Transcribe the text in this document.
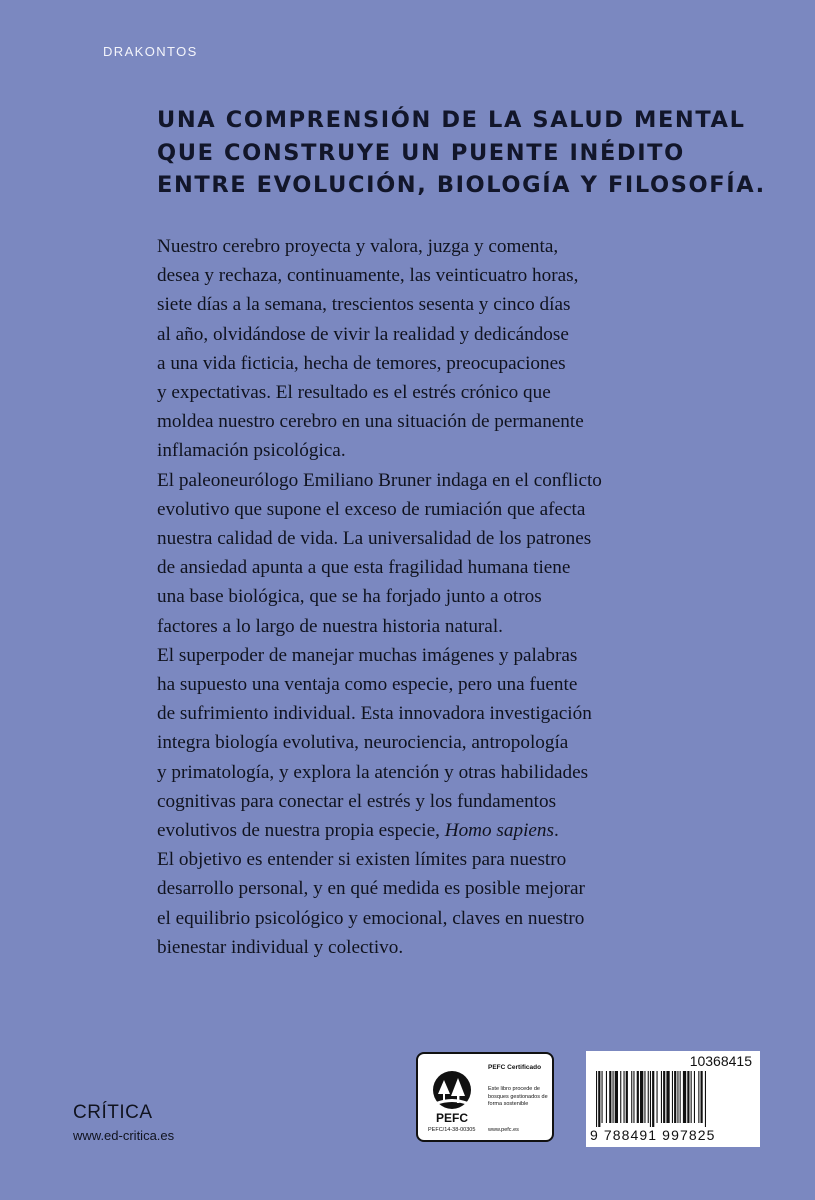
DRAKONTOS
UNA COMPRENSIÓN DE LA SALUD MENTAL
QUE CONSTRUYE UN PUENTE INÉDITO
ENTRE EVOLUCIÓN, BIOLOGÍA Y FILOSOFÍA.
Nuestro cerebro proyecta y valora, juzga y comenta,
desea y rechaza, continuamente, las veinticuatro horas,
siete días a la semana, trescientos sesenta y cinco días
al año, olvidándose de vivir la realidad y dedicándose
a una vida ficticia, hecha de temores, preocupaciones
y expectativas. El resultado es el estrés crónico que
moldea nuestro cerebro en una situación de permanente
inflamación psicológica.
El paleoneurólogo Emiliano Bruner indaga en el conflicto
evolutivo que supone el exceso de rumiación que afecta
nuestra calidad de vida. La universalidad de los patrones
de ansiedad apunta a que esta fragilidad humana tiene
una base biológica, que se ha forjado junto a otros
factores a lo largo de nuestra historia natural.
El superpoder de manejar muchas imágenes y palabras
ha supuesto una ventaja como especie, pero una fuente
de sufrimiento individual. Esta innovadora investigación
integra biología evolutiva, neurociencia, antropología
y primatología, y explora la atención y otras habilidades
cognitivas para conectar el estrés y los fundamentos
evolutivos de nuestra propia especie, Homo sapiens.
El objetivo es entender si existen límites para nuestro
desarrollo personal, y en qué medida es posible mejorar
el equilibrio psicológico y emocional, claves en nuestro
bienestar individual y colectivo.
CRÍTICA
www.ed-critica.es
PEFC
PEFC Certificado
Este libro procede de bosques gestionados de forma sostenible
PEFC/14-38-00305 www.pefc.es
10368415
9 788491 997825
